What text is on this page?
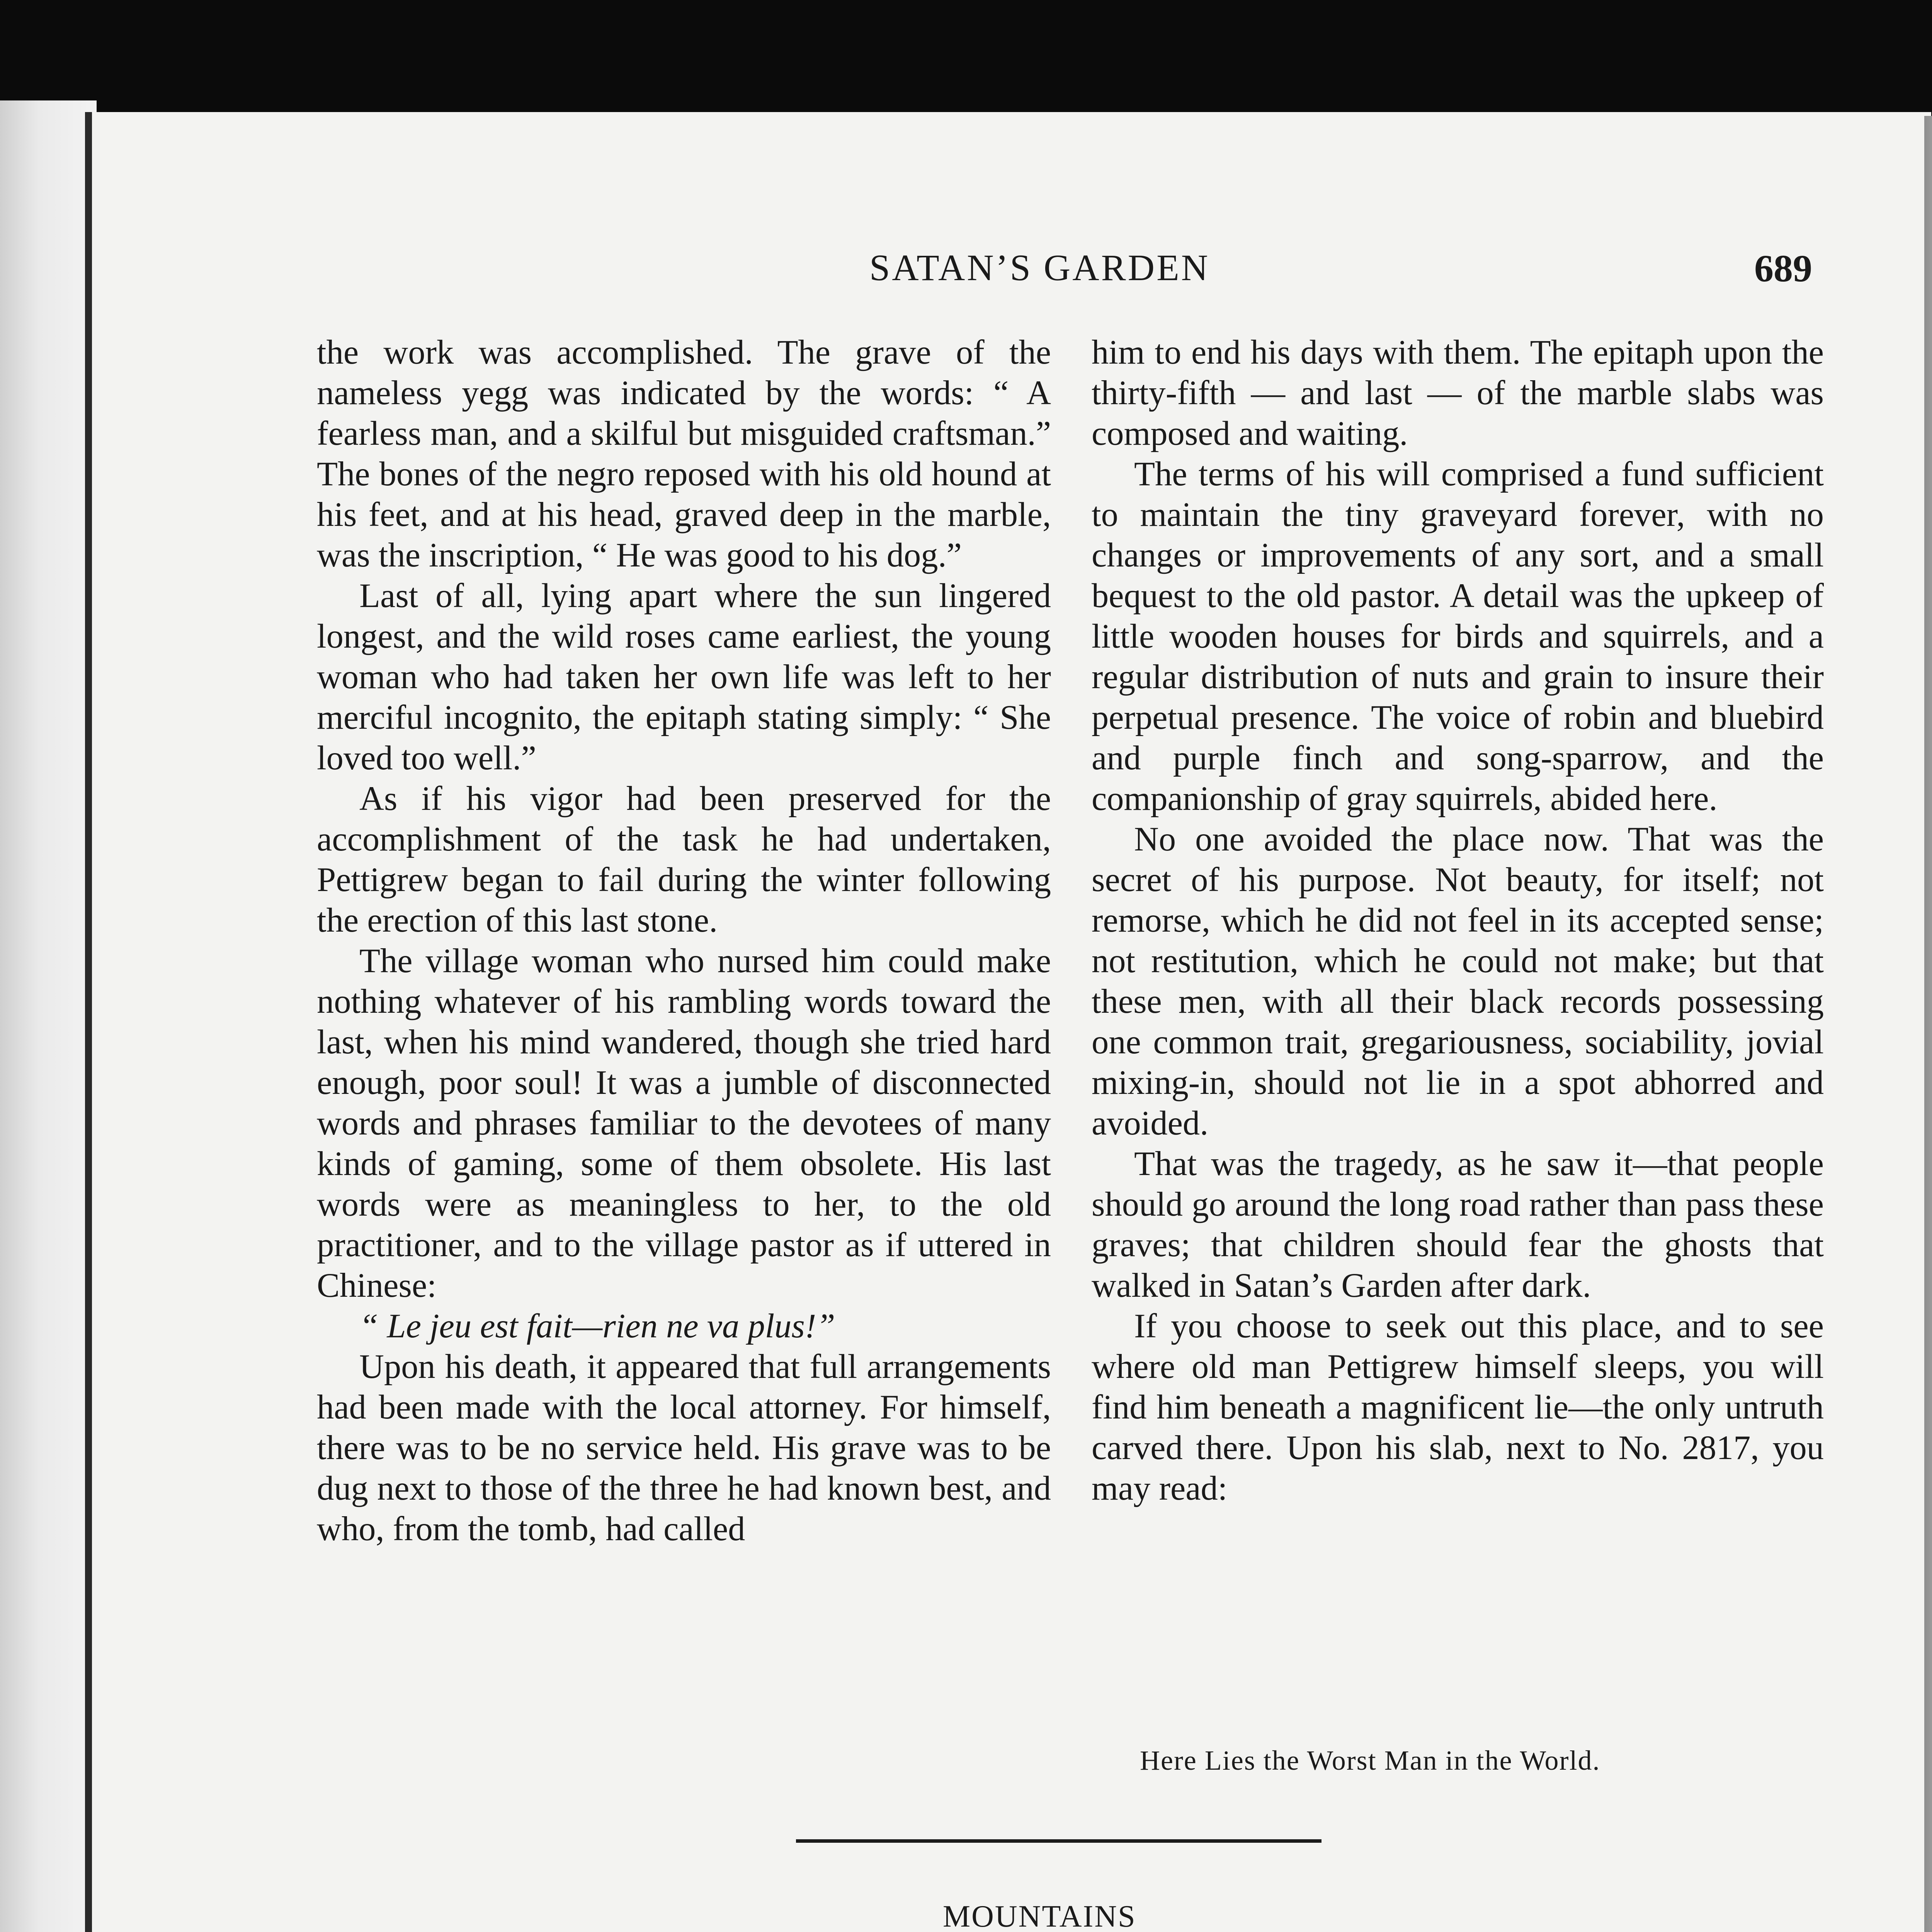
SATAN’S GARDEN	689

the work was accomplished. The grave of the nameless yegg was indicated by the words: “ A fearless man, and a skilful but misguided craftsman.” The bones of the negro reposed with his old hound at his feet, and at his head, graved deep in the marble, was the inscription, “ He was good to his dog.”

Last of all, lying apart where the sun lingered longest, and the wild roses came earliest, the young woman who had taken her own life was left to her merciful incognito, the epitaph stating simply: “ She loved too well.”

As if his vigor had been preserved for the accomplishment of the task he had undertaken, Pettigrew began to fail during the winter following the erection of this last stone.

The village woman who nursed him could make nothing whatever of his rambling words toward the last, when his mind wandered, though she tried hard enough, poor soul! It was a jumble of disconnected words and phrases familiar to the devotees of many kinds of gaming, some of them obsolete. His last words were as meaningless to her, to the old practitioner, and to the village pastor as if uttered in Chinese:

“ Le jeu est fait—rien ne va plus!”

Upon his death, it appeared that full arrangements had been made with the local attorney. For himself, there was to be no service held. His grave was to be dug next to those of the three he had known best, and who, from the tomb, had called

him to end his days with them. The epitaph upon the thirty-fifth — and last — of the marble slabs was composed and waiting.

The terms of his will comprised a fund sufficient to maintain the tiny graveyard forever, with no changes or improvements of any sort, and a small bequest to the old pastor. A detail was the upkeep of little wooden houses for birds and squirrels, and a regular distribution of nuts and grain to insure their perpetual presence. The voice of robin and bluebird and purple finch and song-sparrow, and the companionship of gray squirrels, abided here.

No one avoided the place now. That was the secret of his purpose. Not beauty, for itself; not remorse, which he did not feel in its accepted sense; not restitution, which he could not make; but that these men, with all their black records possessing one common trait, gregariousness, sociability, jovial mixing-in, should not lie in a spot abhorred and avoided.

That was the tragedy, as he saw it—that people should go around the long road rather than pass these graves; that children should fear the ghosts that walked in Satan’s Garden after dark.

If you choose to seek out this place, and to see where old man Pettigrew himself sleeps, you will find him beneath a magnificent lie—the only untruth carved there. Upon his slab, next to No. 2817, you may read:

Here Lies the Worst Man in the World.
MOUNTAINS
